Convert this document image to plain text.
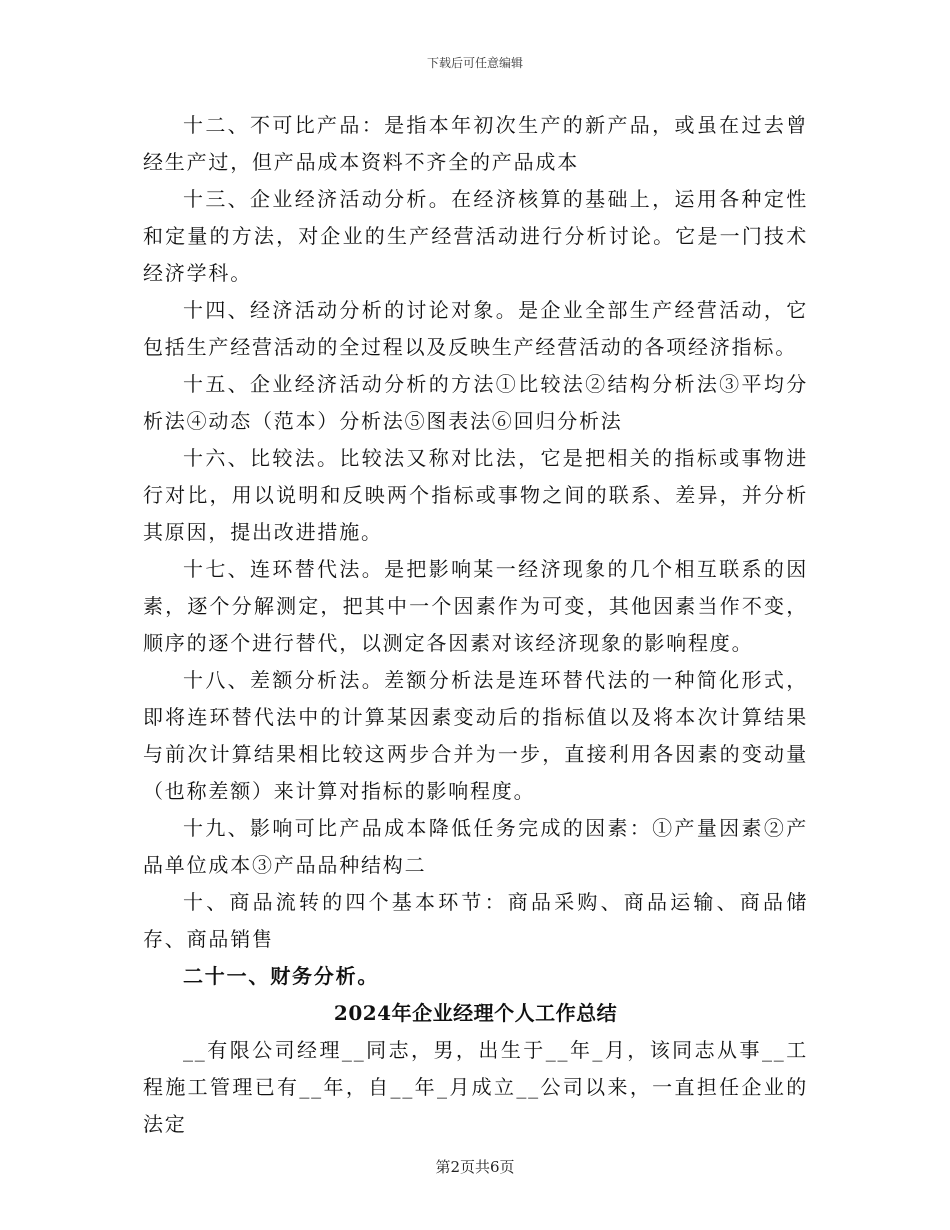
下载后可任意编辑

十二、不可比产品：是指本年初次生产的新产品，或虽在过去曾经生产过，但产品成本资料不齐全的产品成本

十三、企业经济活动分析。在经济核算的基础上，运用各种定性和定量的方法，对企业的生产经营活动进行分析讨论。它是一门技术经济学科。

十四、经济活动分析的讨论对象。是企业全部生产经营活动，它包括生产经营活动的全过程以及反映生产经营活动的各项经济指标。

十五、企业经济活动分析的方法①比较法②结构分析法③平均分析法④动态（范本）分析法⑤图表法⑥回归分析法

十六、比较法。比较法又称对比法，它是把相关的指标或事物进行对比，用以说明和反映两个指标或事物之间的联系、差异，并分析其原因，提出改进措施。

十七、连环替代法。是把影响某一经济现象的几个相互联系的因素，逐个分解测定，把其中一个因素作为可变，其他因素当作不变，顺序的逐个进行替代，以测定各因素对该经济现象的影响程度。

十八、差额分析法。差额分析法是连环替代法的一种简化形式，即将连环替代法中的计算某因素变动后的指标值以及将本次计算结果与前次计算结果相比较这两步合并为一步，直接利用各因素的变动量（也称差额）来计算对指标的影响程度。

十九、影响可比产品成本降低任务完成的因素：①产量因素②产品单位成本③产品品种结构二

十、商品流转的四个基本环节：商品采购、商品运输、商品储存、商品销售

二十一、财务分析。

2024年企业经理个人工作总结

__有限公司经理__同志，男，出生于__年_月，该同志从事__工程施工管理已有__年，自__年_月成立__公司以来，一直担任企业的法定

第2页共6页
